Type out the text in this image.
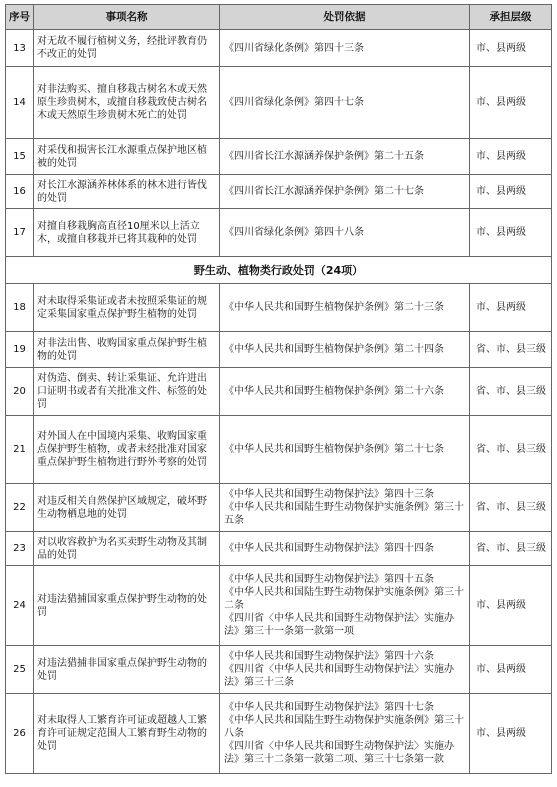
序号	事项名称	处罚依据	承担层级
13	对无故不履行植树义务，经批评教育仍不改正的处罚	《四川省绿化条例》第四十三条	市、县两级
14	对非法购买、擅自移栽古树名木或天然原生珍贵树木，或擅自移栽致使古树名木或天然原生珍贵树木死亡的处罚	《四川省绿化条例》第四十七条	市、县两级
15	对采伐和损害长江水源重点保护地区植被的处罚	《四川省长江水源涵养保护条例》第二十五条	市、县两级
16	对长江水源涵养林体系的林木进行皆伐的处罚	《四川省长江水源涵养保护条例》第二十七条	市、县两级
17	对擅自移栽胸高直径10厘米以上活立木，或擅自移栽并已将其栽种的处罚	《四川省绿化条例》第四十八条	市、县两级
野生动、植物类行政处罚（24项）			
18	对未取得采集证或者未按照采集证的规定采集国家重点保护野生植物的处罚	《中华人民共和国野生植物保护条例》第二十三条	市、县两级
19	对非法出售、收购国家重点保护野生植物的处罚	《中华人民共和国野生植物保护条例》第二十四条	省、市、县三级
20	对伪造、倒卖、转让采集证、允许进出口证明书或者有关批准文件、标签的处罚	《中华人民共和国野生植物保护条例》第二十六条	省、市、县三级
21	对外国人在中国境内采集、收购国家重点保护野生植物，或者未经批准对国家重点保护野生植物进行野外考察的处罚	《中华人民共和国野生植物保护条例》第二十七条	省、市、县三级
22	对违反相关自然保护区域规定，破坏野生动物栖息地的处罚	《中华人民共和国野生动物保护法》第四十三条
《中华人民共和国陆生野生动物保护实施条例》第三十五条	省、市、县三级
23	对以收容救护为名买卖野生动物及其制品的处罚	《中华人民共和国野生动物保护法》第四十四条	省、市、县三级
24	对违法猎捕国家重点保护野生动物的处罚	《中华人民共和国野生动物保护法》第四十五条
《中华人民共和国陆生野生动物保护实施条例》第三十二条
《四川省〈中华人民共和国野生动物保护法〉实施办法》第三十一条第一款第一项	市、县两级
25	对违法猎捕非国家重点保护野生动物的处罚	《中华人民共和国野生动物保护法》第四十六条
《四川省〈中华人民共和国野生动物保护法〉实施办法》第三十三条	市、县两级
26	对未取得人工繁育许可证或超越人工繁育许可证规定范围人工繁育野生动物的处罚	《中华人民共和国野生动物保护法》第四十七条
《中华人民共和国陆生野生动物保护实施条例》第三十八条
《四川省〈中华人民共和国野生动物保护法〉实施办法》第三十二条第一款第二项、第三十七条第一款	市、县两级
